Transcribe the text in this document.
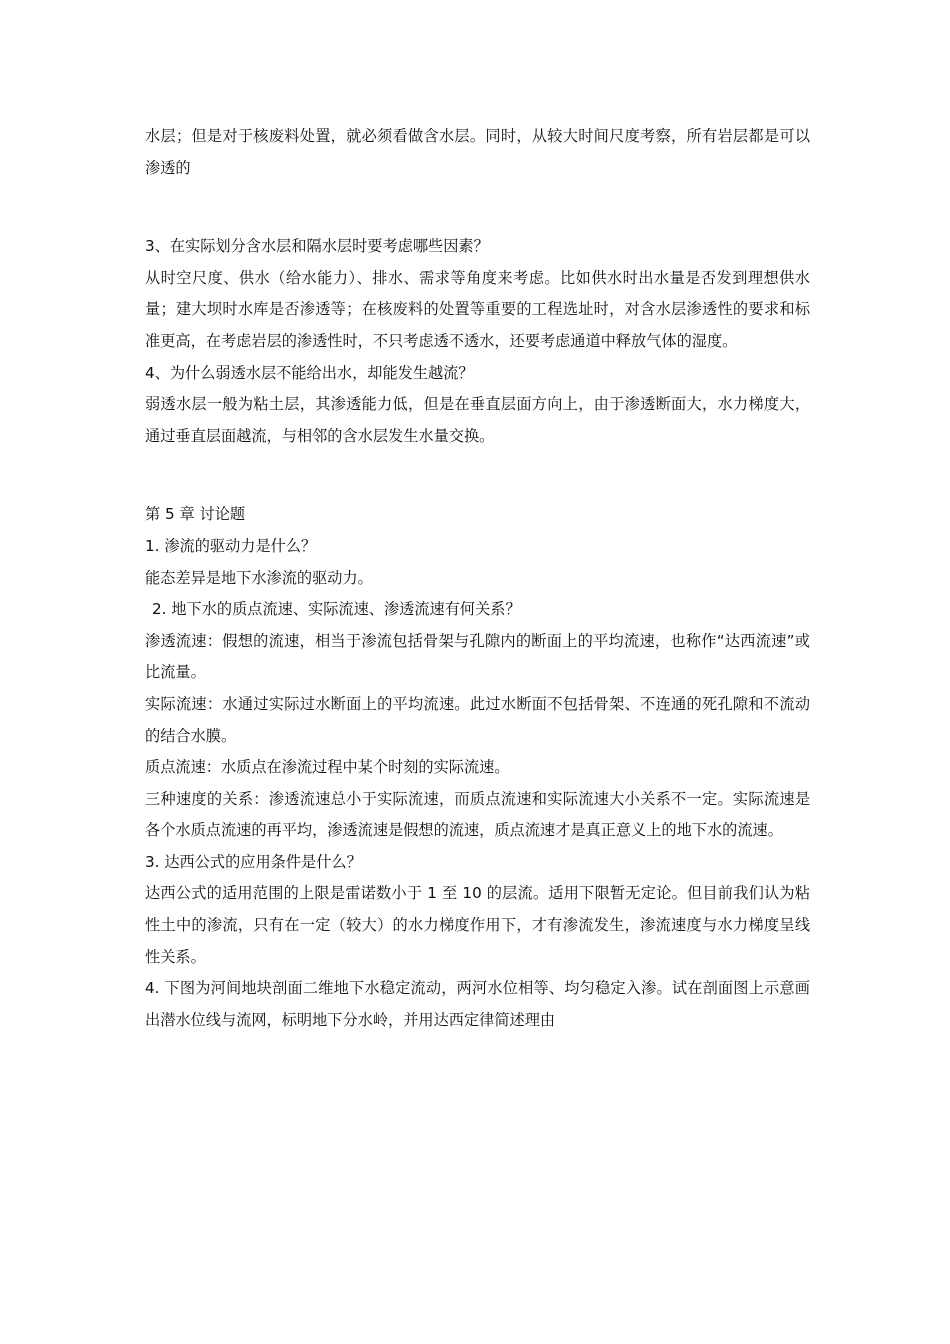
水层；但是对于核废料处置，就必须看做含水层。同时，从较大时间尺度考察，所有岩层都是可以渗透的

3、在实际划分含水层和隔水层时要考虑哪些因素？

从时空尺度、供水（给水能力）、排水、需求等角度来考虑。比如供水时出水量是否发到理想供水量；建大坝时水库是否渗透等；在核废料的处置等重要的工程选址时，对含水层渗透性的要求和标准更高，在考虑岩层的渗透性时，不只考虑透不透水，还要考虑通道中释放气体的湿度。

4、为什么弱透水层不能给出水，却能发生越流？

弱透水层一般为粘土层，其渗透能力低，但是在垂直层面方向上，由于渗透断面大，水力梯度大，通过垂直层面越流，与相邻的含水层发生水量交换。

第 5 章 讨论题

1. 渗流的驱动力是什么？

能态差异是地下水渗流的驱动力。

2. 地下水的质点流速、实际流速、渗透流速有何关系？

渗透流速：假想的流速，相当于渗流包括骨架与孔隙内的断面上的平均流速，也称作“达西流速”或比流量。

实际流速：水通过实际过水断面上的平均流速。此过水断面不包括骨架、不连通的死孔隙和不流动的结合水膜。

质点流速：水质点在渗流过程中某个时刻的实际流速。

三种速度的关系：渗透流速总小于实际流速，而质点流速和实际流速大小关系不一定。实际流速是各个水质点流速的再平均，渗透流速是假想的流速，质点流速才是真正意义上的地下水的流速。

3. 达西公式的应用条件是什么？

达西公式的适用范围的上限是雷诺数小于 1 至 10 的层流。适用下限暂无定论。但目前我们认为粘性土中的渗流，只有在一定（较大）的水力梯度作用下，才有渗流发生，渗流速度与水力梯度呈线性关系。

4. 下图为河间地块剖面二维地下水稳定流动，两河水位相等、均匀稳定入渗。试在剖面图上示意画出潜水位线与流网，标明地下分水岭，并用达西定律简述理由
